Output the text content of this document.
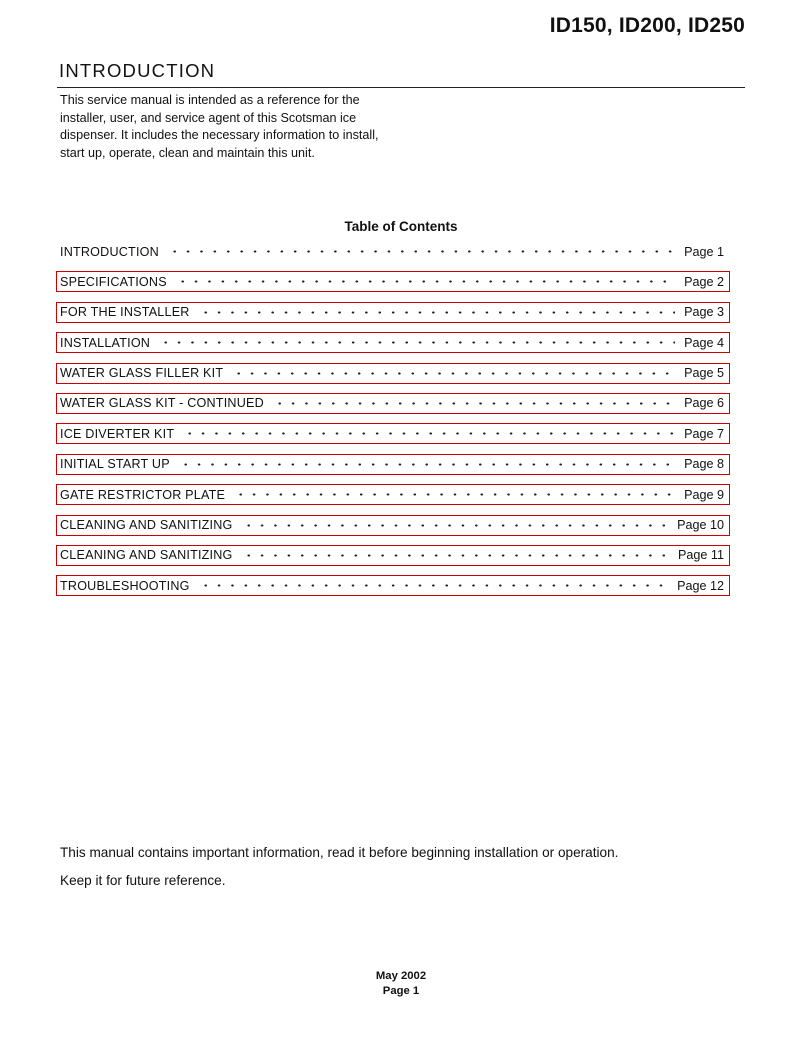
ID150, ID200, ID250
INTRODUCTION

This service manual is intended as a reference for the installer, user, and service agent of this Scotsman ice dispenser. It includes the necessary information to install, start up, operate, clean and maintain this unit.

Table of Contents
INTRODUCTION	Page 1
SPECIFICATIONS	Page 2
FOR THE INSTALLER	Page 3
INSTALLATION	Page 4
WATER GLASS FILLER KIT	Page 5
WATER GLASS KIT - CONTINUED	Page 6
ICE DIVERTER KIT	Page 7
INITIAL START UP	Page 8
GATE RESTRICTOR PLATE	Page 9
CLEANING AND SANITIZING	Page 10
CLEANING AND SANITIZING	Page 11
TROUBLESHOOTING	Page 12

This manual contains important information, read it before beginning installation or operation.

Keep it for future reference.

May 2002
Page 1
